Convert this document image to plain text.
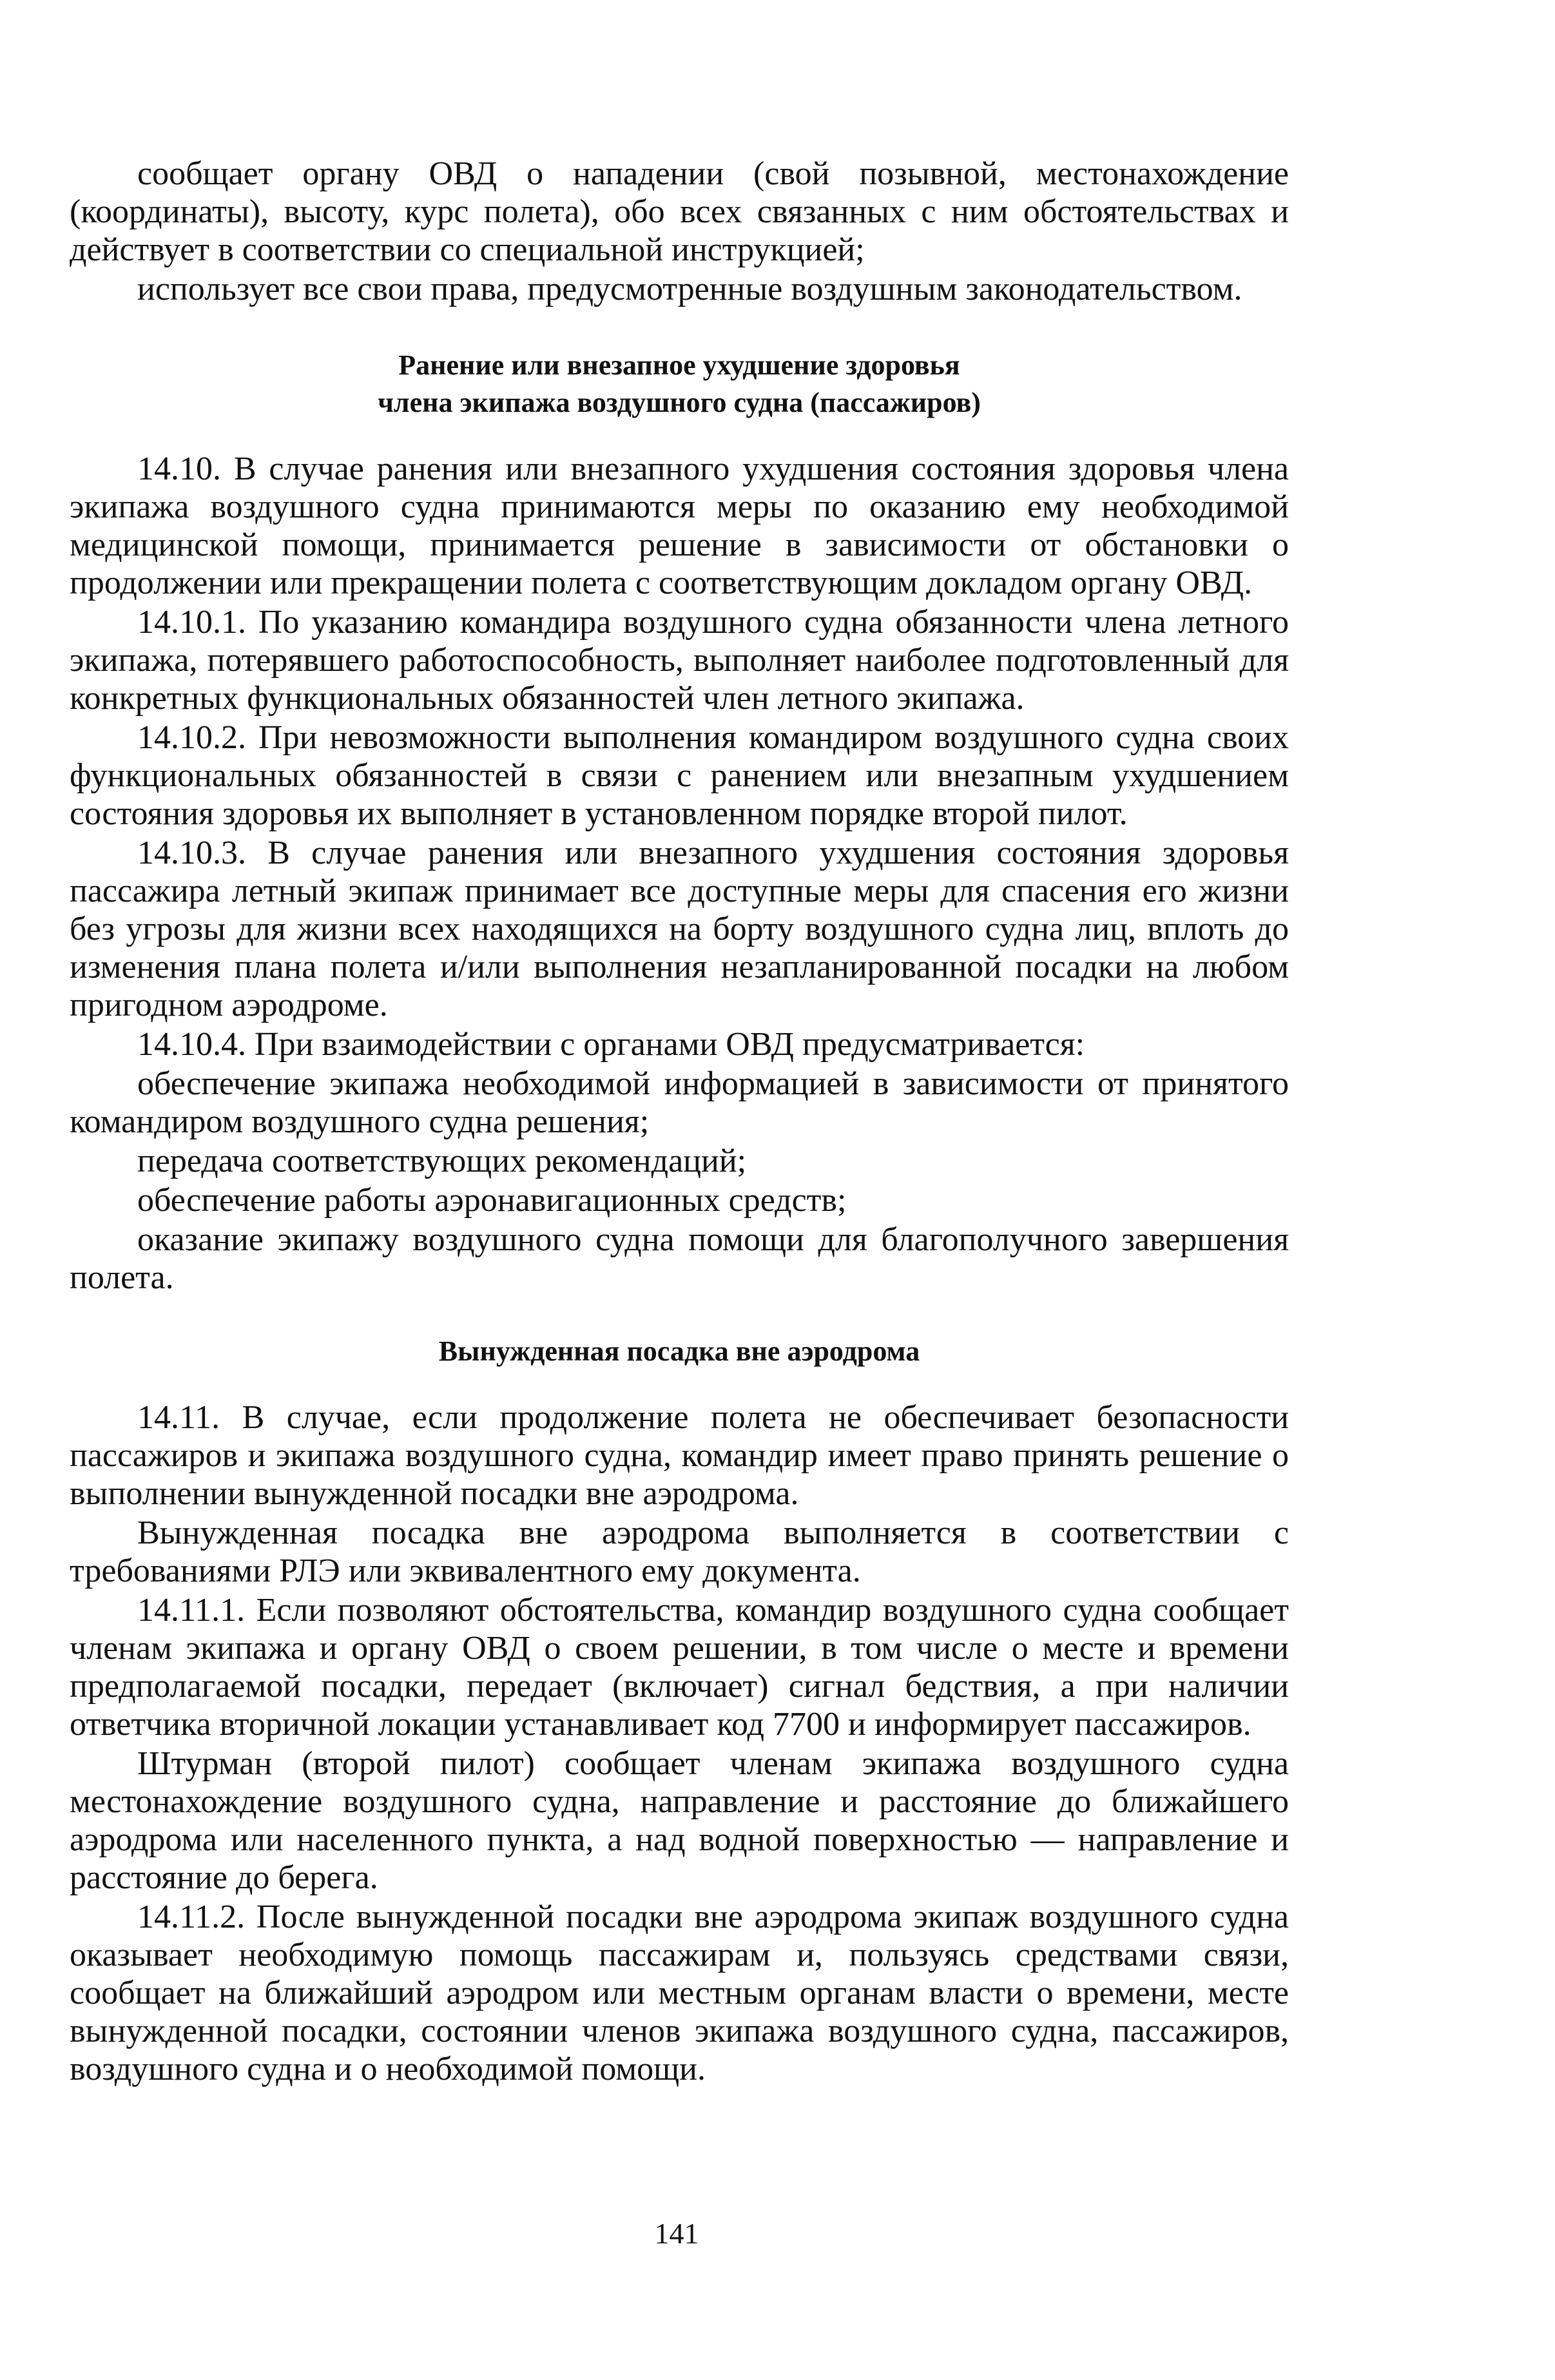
сообщает органу ОВД о нападении (свой позывной, местонахождение (координаты), высоту, курс полета), обо всех связанных с ним обстоятельствах и действует в соответствии со специальной инструкцией;

использует все свои права, предусмотренные воздушным законодательством.

Ранение или внезапное ухудшение здоровья

члена экипажа воздушного судна (пассажиров)

14.10. В случае ранения или внезапного ухудшения состояния здоровья члена экипажа воздушного судна принимаются меры по оказанию ему необходимой медицинской помощи, принимается решение в зависимости от обстановки о продолжении или прекращении полета с соответствующим докладом органу ОВД.

14.10.1. По указанию командира воздушного судна обязанности члена летного экипажа, потерявшего работоспособность, выполняет наиболее подготовленный для конкретных функциональных обязанностей член летного экипажа.

14.10.2. При невозможности выполнения командиром воздушного судна своих функциональных обязанностей в связи с ранением или внезапным ухудшением состояния здоровья их выполняет в установленном порядке второй пилот.

14.10.3. В случае ранения или внезапного ухудшения состояния здоровья пассажира летный экипаж принимает все доступные меры для спасения его жизни без угрозы для жизни всех находящихся на борту воздушного судна лиц, вплоть до изменения плана полета и/или выполнения незапланированной посадки на любом пригодном аэродроме.

14.10.4. При взаимодействии с органами ОВД предусматривается:

обеспечение экипажа необходимой информацией в зависимости от принятого командиром воздушного судна решения;

передача соответствующих рекомендаций;

обеспечение работы аэронавигационных средств;

оказание экипажу воздушного судна помощи для благополучного завершения полета.

Вынужденная посадка вне аэродрома

14.11. В случае, если продолжение полета не обеспечивает безопасности пассажиров и экипажа воздушного судна, командир имеет право принять решение о выполнении вынужденной посадки вне аэродрома.

Вынужденная посадка вне аэродрома выполняется в соответствии с требованиями РЛЭ или эквивалентного ему документа.

14.11.1. Если позволяют обстоятельства, командир воздушного судна сообщает членам экипажа и органу ОВД о своем решении, в том числе о месте и времени предполагаемой посадки, передает (включает) сигнал бедствия, а при наличии ответчика вторичной локации устанавливает код 7700 и информирует пассажиров.

Штурман (второй пилот) сообщает членам экипажа воздушного судна местонахождение воздушного судна, направление и расстояние до ближайшего аэродрома или населенного пункта, а над водной поверхностью — направление и расстояние до берега.

14.11.2. После вынужденной посадки вне аэродрома экипаж воздушного судна оказывает необходимую помощь пассажирам и, пользуясь средствами связи, сообщает на ближайший аэродром или местным органам власти о времени, месте вынужденной посадки, состоянии членов экипажа воздушного судна, пассажиров, воздушного судна и о необходимой помощи.

141
